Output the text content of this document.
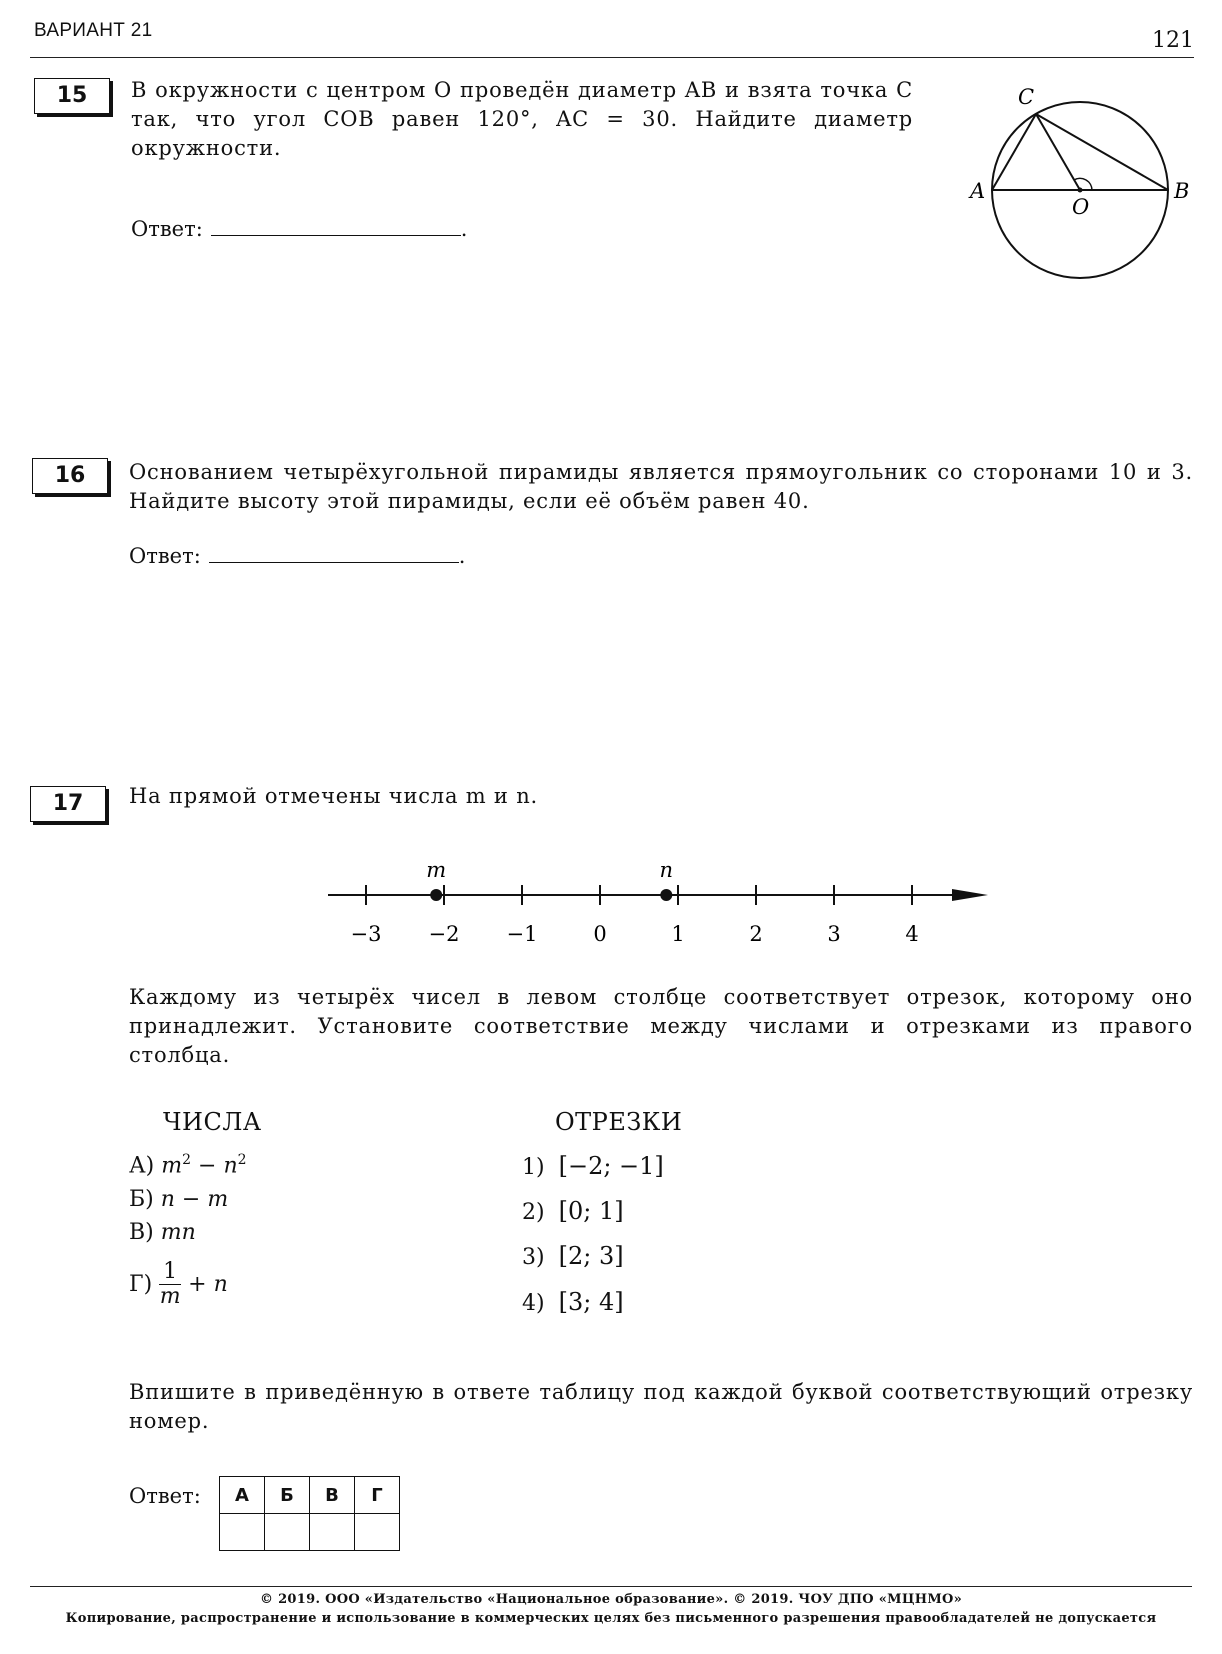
ВАРИАНТ 21	121
15	В окружности с центром O проведён диаметр AB и взята точка C так, что угол COB равен 120°, AC = 30. Найдите диаметр окружности.
Ответ:	.
C
A	B
O
16	Основанием четырёхугольной пирамиды является прямоугольник со сторонами 10 и 3. Найдите высоту этой пирамиды, если её объём равен 40.
Ответ:	.
17	На прямой отмечены числа m и n.
−3 −2 −1	0	1	2	3	4
m	n
Каждому из четырёх чисел в левом столбце соответствует отрезок, которому оно принадлежит. Установите соответствие между числами и отрезками из правого столбца.
ЧИСЛА	ОТРЕЗКИ
А) $m^2 - n^2$
Б) n − m
В) mn
$Г) \frac{1}{m} + n$
1) [−2; −1]
2) [0; 1]
3) [2; 3]
4) [3; 4]
Впишите в приведённую в ответе таблицу под каждой буквой соответствующий отрезку номер.
Ответ: А	Б	В	Г

© 2019. ООО «Издательство «Национальное образование». © 2019. ЧОУ ДПО «МЦНМО»
Копирование, распространение и использование в коммерческих целях без письменного разрешения правообладателей не допускается
